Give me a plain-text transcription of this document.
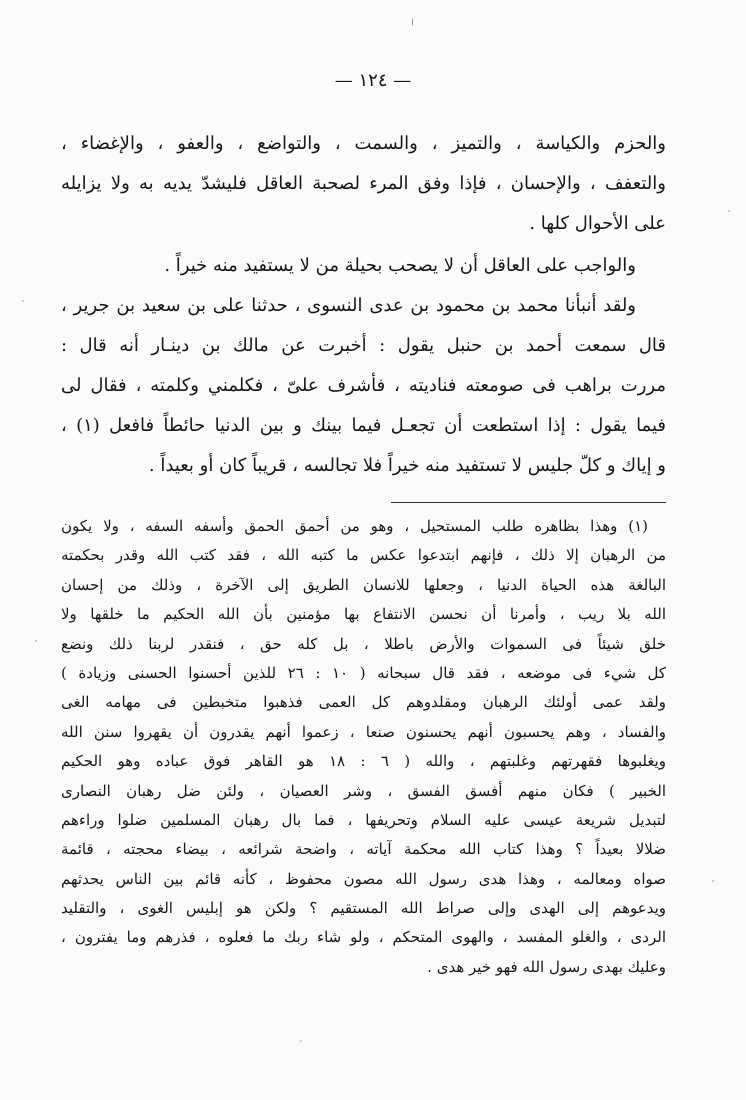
— ١٢٤ —
والحزم والكياسة ، والتميز ، والسمت ، والتواضع ، والعفو ، والإغضاء ،
والتعفف ، والإحسان ، فإذا وفق المرء لصحبة العاقل فليشدّ يديه به ولا يزايله
على الأحوال كلها .
والواجب على العاقل أن لا يصحب بحيلة من لا يستفيد منه خيراً .
ولقد أنبأنا محمد بن محمود بن عدى النسوى ، حدثنا على بن سعيد بن جرير ،
قال سمعت أحمد بن حنبل يقول : أخبرت عن مالك بن دينـار أنه قال :
مررت براهب فى صومعته فناديته ، فأشرف علىّ ، فكلمني وكلمته ، فقال لى
فيما يقول : إذا استطعت أن تجعـل فيما بينك و بين الدنيا حائطاً فافعل (١) ،
و إياك و كلّ جليس لا تستفيد منه خيراً فلا تجالسه ، قريباً كان أو بعيداً .
(١) وهذا بظاهره طلب المستحيل ، وهو من أحمق الحمق وأسفه السفه ، ولا يكون
من الرهبان إلا ذلك ، فإنهم ابتدعوا عكس ما كتبه الله ، فقد كتب الله وقدر بحكمته
البالغة هذه الحياة الدنيا ، وجعلها للانسان الطريق إلى الآخرة ، وذلك من إحسان
الله بلا ريب ، وأمرنا أن نحسن الانتفاع بها مؤمنين بأن الله الحكيم ما خلقها ولا
خلق شيئاً فى السموات والأرض باطلا ، بل كله حق ، فنقدر لربنا ذلك ونضع
كل شيء فى موضعه ، فقد قال سبحانه ( ١٠ : ٢٦ للذين أحسنوا الحسنى وزيادة )
ولقد عمى أولئك الرهبان ومقلدوهم كل العمى فذهبوا متخبطين فى مهامه الغى
والفساد ، وهم يحسبون أنهم يحسنون صنعا ، زعموا أنهم يقدرون أن يقهروا سنن الله
ويغلبوها فقهرتهم وغلبتهم ، والله ( ٦ : ١٨ هو القاهر فوق عباده وهو الحكيم
الخبير ) فكان منهم أفسق الفسق ، وشر العصيان ، ولئن ضل رهبان النصارى
لتبديل شريعة عيسى عليه السلام وتحريفها ، فما بال رهبان المسلمين ضلوا وراءهم
ضلالا بعيداً ؟ وهذا كتاب الله محكمة آياته ، واضحة شرائعه ، بيضاء محجته ، قائمة
صواه ومعالمه ، وهذا هدى رسول الله مصون محفوظ ، كأنه قائم بين الناس يحدثهم
ويدعوهم إلى الهدى وإلى صراط الله المستقيم ؟ ولكن هو إبليس الغوى ، والتقليد
الردى ، والغلو المفسد ، والهوى المتحكم ، ولو شاء ربك ما فعلوه ، فذرهم وما يفترون ،
وعليك بهدى رسول الله فهو خير هدى .
